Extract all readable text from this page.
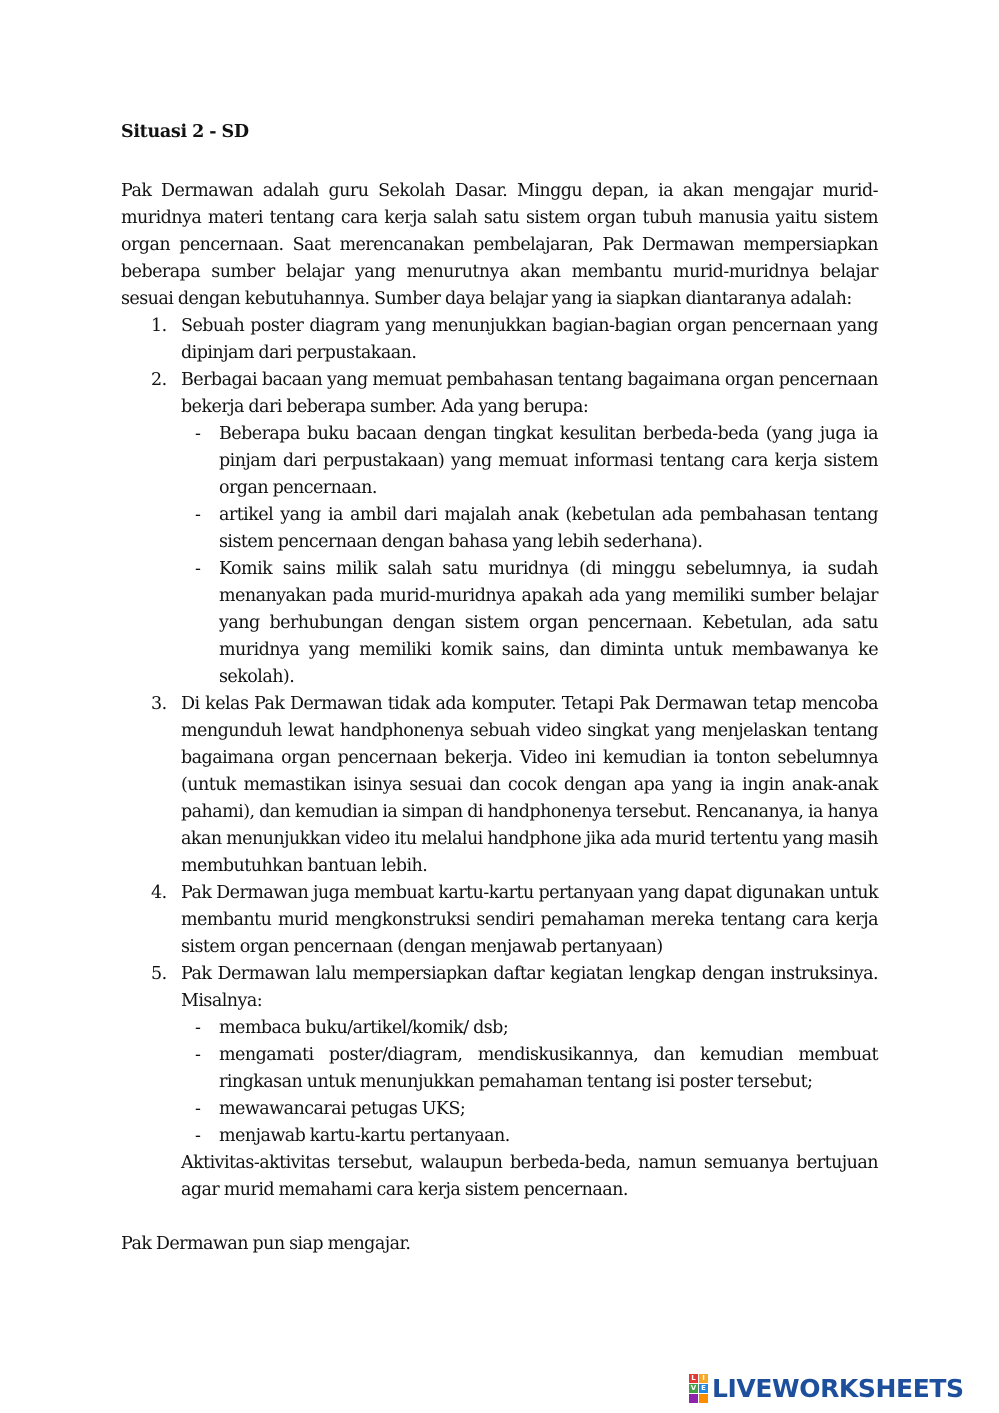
Situasi 2 - SD

Pak Dermawan adalah guru Sekolah Dasar. Minggu depan, ia akan mengajar murid-muridnya materi tentang cara kerja salah satu sistem organ tubuh manusia yaitu sistem organ pencernaan. Saat merencanakan pembelajaran, Pak Dermawan mempersiapkan beberapa sumber belajar yang menurutnya akan membantu murid-muridnya belajar sesuai dengan kebutuhannya. Sumber daya belajar yang ia siapkan diantaranya adalah:

1. Sebuah poster diagram yang menunjukkan bagian-bagian organ pencernaan yang dipinjam dari perpustakaan.
2. Berbagai bacaan yang memuat pembahasan tentang bagaimana organ pencernaan bekerja dari beberapa sumber. Ada yang berupa:
- Beberapa buku bacaan dengan tingkat kesulitan berbeda-beda (yang juga ia pinjam dari perpustakaan) yang memuat informasi tentang cara kerja sistem organ pencernaan.
- artikel yang ia ambil dari majalah anak (kebetulan ada pembahasan tentang sistem pencernaan dengan bahasa yang lebih sederhana).
- Komik sains milik salah satu muridnya (di minggu sebelumnya, ia sudah menanyakan pada murid-muridnya apakah ada yang memiliki sumber belajar yang berhubungan dengan sistem organ pencernaan. Kebetulan, ada satu muridnya yang memiliki komik sains, dan diminta untuk membawanya ke sekolah).
3. Di kelas Pak Dermawan tidak ada komputer. Tetapi Pak Dermawan tetap mencoba mengunduh lewat handphonenya sebuah video singkat yang menjelaskan tentang bagaimana organ pencernaan bekerja. Video ini kemudian ia tonton sebelumnya (untuk memastikan isinya sesuai dan cocok dengan apa yang ia ingin anak-anak pahami), dan kemudian ia simpan di handphonenya tersebut. Rencananya, ia hanya akan menunjukkan video itu melalui handphone jika ada murid tertentu yang masih membutuhkan bantuan lebih.
4. Pak Dermawan juga membuat kartu-kartu pertanyaan yang dapat digunakan untuk membantu murid mengkonstruksi sendiri pemahaman mereka tentang cara kerja sistem organ pencernaan (dengan menjawab pertanyaan)
5. Pak Dermawan lalu mempersiapkan daftar kegiatan lengkap dengan instruksinya. Misalnya:
- membaca buku/artikel/komik/ dsb;
- mengamati poster/diagram, mendiskusikannya, dan kemudian membuat ringkasan untuk menunjukkan pemahaman tentang isi poster tersebut;
- mewawancarai petugas UKS;
- menjawab kartu-kartu pertanyaan.

Aktivitas-aktivitas tersebut, walaupun berbeda-beda, namun semuanya bertujuan agar murid memahami cara kerja sistem pencernaan.

Pak Dermawan pun siap mengajar.

L I
V E LIVEWORKSHEETS
